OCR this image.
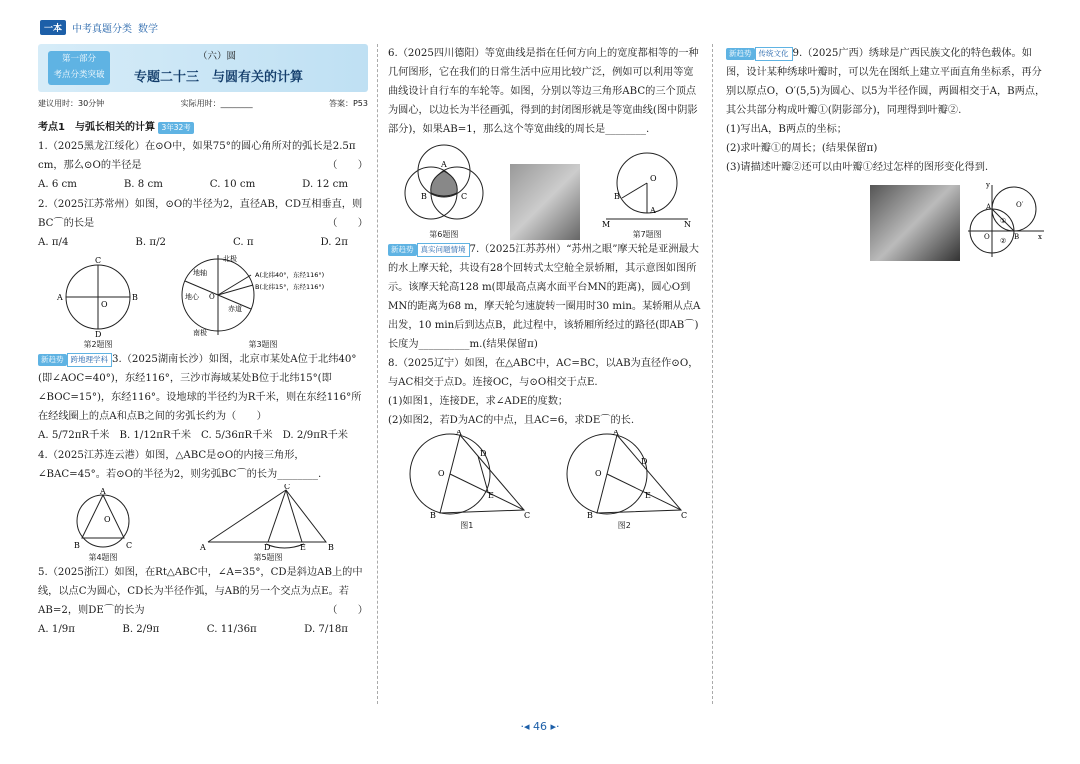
一本	中考真题分类 数学
第一部分
考点分类突破
（六）圆
专题二十三　与圆有关的计算
建议用时：30分钟	实际用时：________	答案：P53
考点1　与弧长相关的计算 3年32考

1.（2025黑龙江绥化）在⊙O中，如果75°的圆心角所对的弧长是2.5π cm，那么⊙O的半径是	（　　）

A. 6 cm	B. 8 cm	C. 10 cm	D. 12 cm

2.（2025江苏常州）如图，⊙O的半径为2，直径AB，CD互相垂直，则BC⌒的长是	（　　）

A. π/4	B. π/2	C. π	D. 2π
C
A
O
B
D
第2题图
北极
地轴	A(北纬40°，东经116°)
B(北纬15°，东经116°)
地心 O
赤道
南极
第3题图

新趋势 跨地理学科 3.（2025湖南长沙）如图，北京市某处A位于北纬40°(即∠AOC=40°)，东经116°，三沙市海域某处B位于北纬15°(即∠BOC=15°)，东经116°。设地球的半径约为R千米，则在东经116°所在经线圈上的点A和点B之间的劣弧长约为（　　）

A. 5/72πR千米 B. 1/12πR千米 C. 5/36πR千米 D. 2/9πR千米

4.（2025江苏连云港）如图，△ABC是⊙O的内接三角形，∠BAC=45°。若⊙O的半径为2，则劣弧BC⌒的长为________.

A
O
B	C
第4题图
C
A	D	E	B
第5题图

5.（2025浙江）如图，在Rt△ABC中，∠A=35°，CD是斜边AB上的中线，以点C为圆心，CD长为半径作弧，与AB的另一个交点为点E。若AB=2，则DE⌒的长为	（　　）

A. 1/9π	B. 2/9π	C. 11/36π	D. 7/18π

6.（2025四川德阳）等宽曲线是指在任何方向上的宽度都相等的一种几何图形，它在我们的日常生活中应用比较广泛，例如可以利用等宽曲线设计自行车的车轮等。如图，分别以等边三角形ABC的三个顶点为圆心，以边长为半径画弧，得到的封闭图形就是等宽曲线(图中阴影部分)，如果AB=1，那么这个等宽曲线的周长是________.

A
B	C
第6题图
O
B
A
M	N
第7题图

新趋势 真实问题情境 7.（2025江苏苏州）“苏州之眼”摩天轮是亚洲最大的水上摩天轮，共设有28个回转式太空舱全景轿厢，其示意图如图所示。该摩天轮高128 m(即最高点离水面平台MN的距离)，圆心O到MN的距离为68 m，摩天轮匀速旋转一圈用时30 min。某轿厢从点A出发，10 min后到达点B，此过程中，该轿厢所经过的路径(即AB⌒)长度为__________m.(结果保留π)

8.（2025辽宁）如图，在△ABC中，AC=BC，以AB为直径作⊙O，与AC相交于点D。连接OC，与⊙O相交于点E.

(1)如图1，连接DE，求∠ADE的度数；

(2)如图2，若D为AC的中点，且AC=6，求DE⌒的长.

A
D
O
E
B	C
图1
A
D
O
E
B	C
图2

新趋势 传统文化 9.（2025广西）绣球是广西民族文化的特色载体。如图，设计某种绣球叶瓣时，可以先在图纸上建立平面直角坐标系，再分别以原点O，O′(5,5)为圆心、以5为半径作圆，两圆相交于A，B两点，其公共部分构成叶瓣①(阴影部分)，同理得到叶瓣②.

(1)写出A，B两点的坐标；

(2)求叶瓣①的周长；(结果保留π)

(3)请描述叶瓣②还可以由叶瓣①经过怎样的图形变化得到.

y
A	O′
①
O ② B	x
·◂ 46 ▸·
